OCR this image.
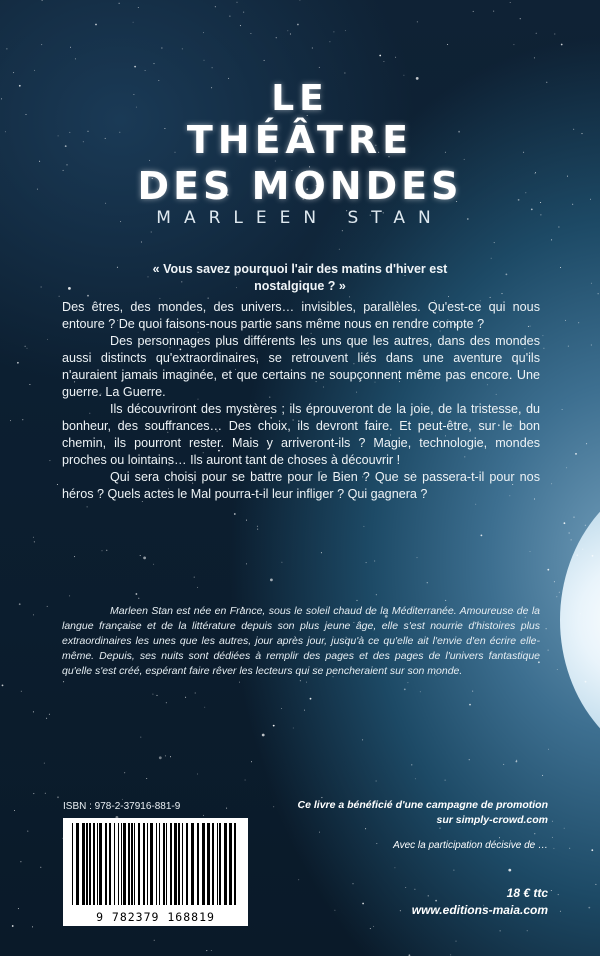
LE
THÉÂTRE
DES MONDES
MARLEEN STAN
« Vous savez pourquoi l'air des matins d'hiver est nostalgique ? »

Des êtres, des mondes, des univers… invisibles, parallèles. Qu'est-ce qui nous entoure ? De quoi faisons-nous partie sans même nous en rendre compte ?

Des personnages plus différents les uns que les autres, dans des mondes aussi distincts qu'extraordinaires, se retrouvent liés dans une aventure qu'ils n'auraient jamais imaginée, et que certains ne soupçonnent même pas encore. Une guerre. La Guerre.

Ils découvriront des mystères ; ils éprouveront de la joie, de la tristesse, du bonheur, des souffrances… Des choix, ils devront faire. Et peut-être, sur le bon chemin, ils pourront rester. Mais y arriveront-ils ? Magie, technologie, mondes proches ou lointains… Ils auront tant de choses à découvrir !

Qui sera choisi pour se battre pour le Bien ? Que se passera-t-il pour nos héros ? Quels actes le Mal pourra-t-il leur infliger ? Qui gagnera ?

Marleen Stan est née en France, sous le soleil chaud de la Méditerranée. Amoureuse de la langue française et de la littérature depuis son plus jeune âge, elle s'est nourrie d'histoires plus extraordinaires les unes que les autres, jour après jour, jusqu'à ce qu'elle ait l'envie d'en écrire elle-même. Depuis, ses nuits sont dédiées à remplir des pages et des pages de l'univers fantastique qu'elle s'est créé, espérant faire rêver les lecteurs qui se pencheraient sur son monde.
ISBN : 978-2-37916-881-9
9 782379 168819
Ce livre a bénéficié d'une campagne de promotion
sur simply-crowd.com
Avec la participation décisive de …
18 € ttc
www.editions-maia.com
